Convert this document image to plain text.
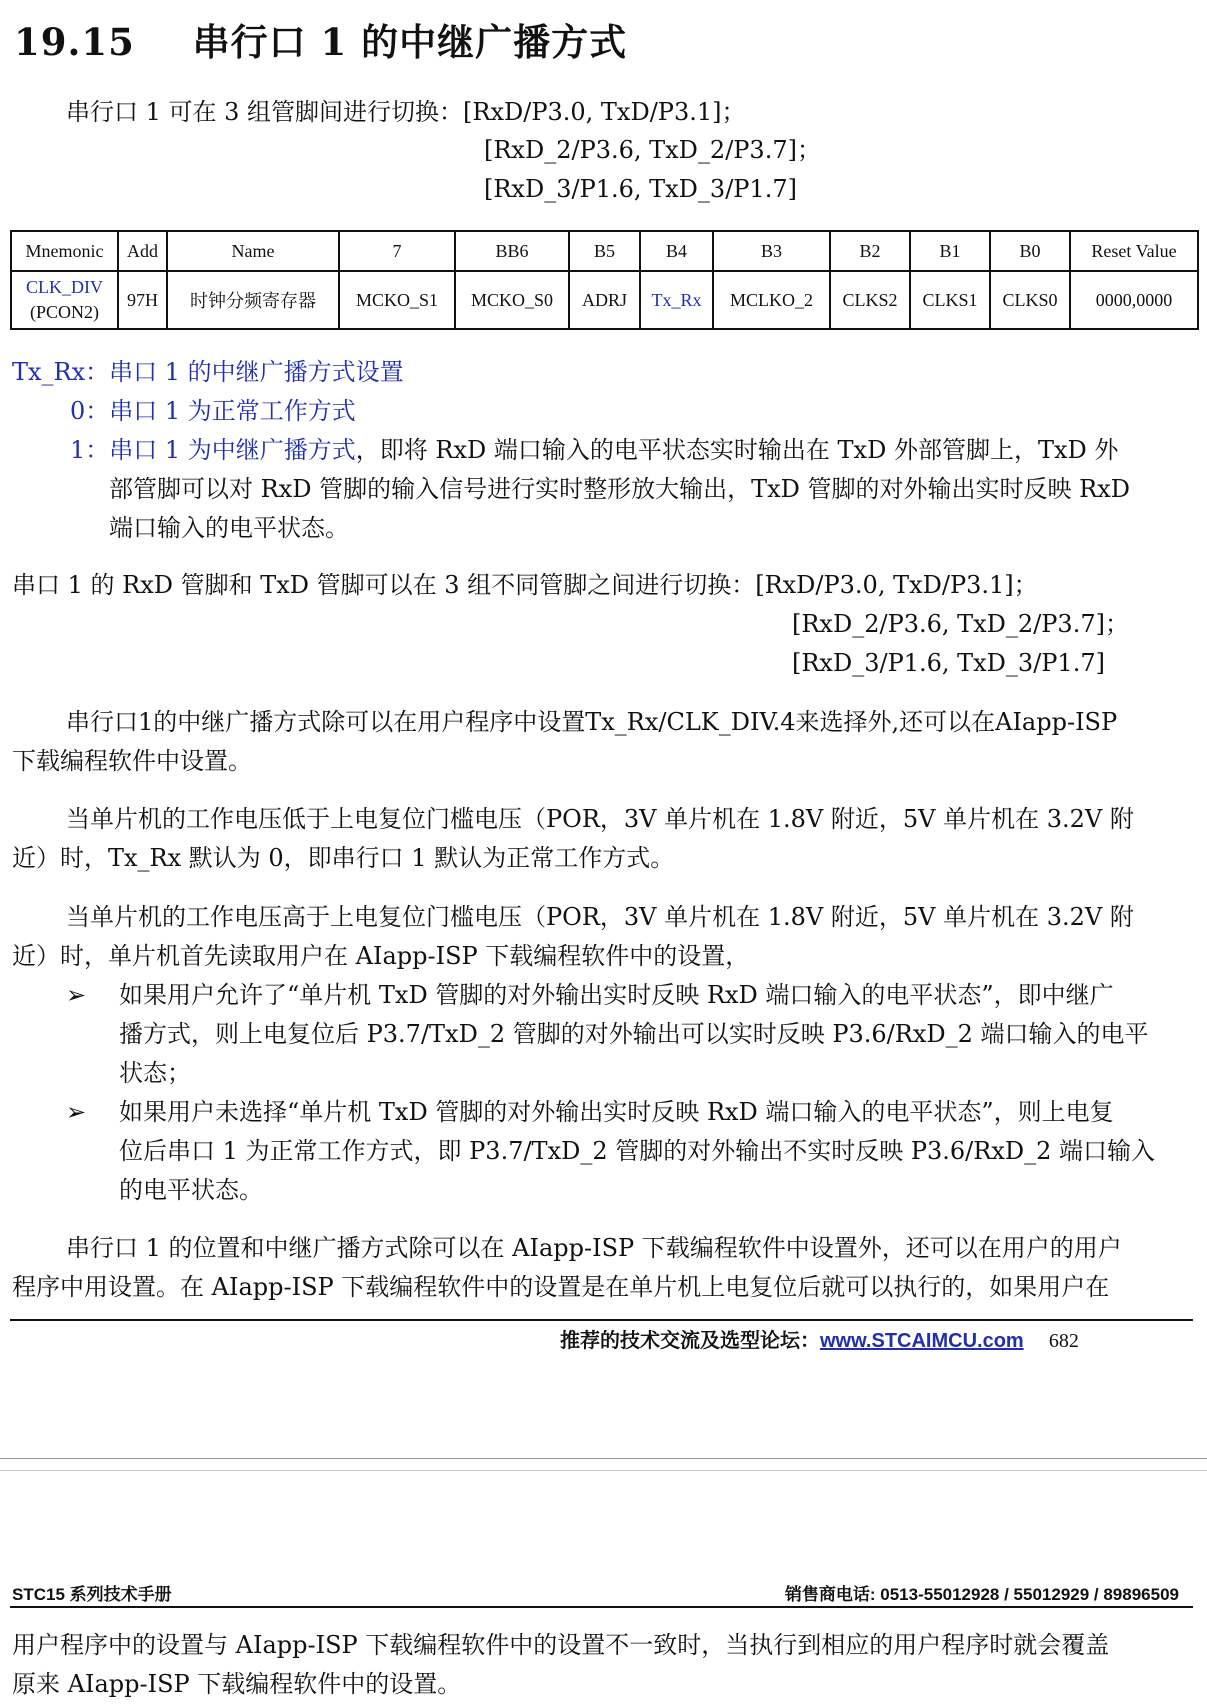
19.15 串行口 1 的中继广播方式
串行口 1 可在 3 组管脚间进行切换：[RxD/P3.0, TxD/P3.1]；
[RxD_2/P3.6, TxD_2/P3.7]；
[RxD_3/P1.6, TxD_3/P1.7]
Mnemonic	Add	Name	7	BB6	B5	B4	B3	B2	B1	B0	Reset Value

CLK_DIV
(PCON2)	97H	时钟分频寄存器	MCKO_S1	MCKO_S0	ADRJ	Tx_Rx	MCLKO_2	CLKS2	CLKS1	CLKS0	0000,0000
Tx_Rx：串口 1 的中继广播方式设置
0：串口 1 为正常工作方式
1：串口 1 为中继广播方式，即将 RxD 端口输入的电平状态实时输出在 TxD 外部管脚上，TxD 外
部管脚可以对 RxD 管脚的输入信号进行实时整形放大输出，TxD 管脚的对外输出实时反映 RxD
端口输入的电平状态。
串口 1 的 RxD 管脚和 TxD 管脚可以在 3 组不同管脚之间进行切换：[RxD/P3.0, TxD/P3.1]；
[RxD_2/P3.6, TxD_2/P3.7]；
[RxD_3/P1.6, TxD_3/P1.7]
串行口1的中继广播方式除可以在用户程序中设置Tx_Rx/CLK_DIV.4来选择外,还可以在AIapp-ISP
下载编程软件中设置。
当单片机的工作电压低于上电复位门槛电压（POR，3V 单片机在 1.8V 附近，5V 单片机在 3.2V 附
近）时，Tx_Rx 默认为 0，即串行口 1 默认为正常工作方式。
当单片机的工作电压高于上电复位门槛电压（POR，3V 单片机在 1.8V 附近，5V 单片机在 3.2V 附
近）时，单片机首先读取用户在 AIapp-ISP 下载编程软件中的设置，
➢ 如果用户允许了“单片机 TxD 管脚的对外输出实时反映 RxD 端口输入的电平状态”，即中继广
播方式，则上电复位后 P3.7/TxD_2 管脚的对外输出可以实时反映 P3.6/RxD_2 端口输入的电平
状态；
➢ 如果用户未选择“单片机 TxD 管脚的对外输出实时反映 RxD 端口输入的电平状态”，则上电复
位后串口 1 为正常工作方式，即 P3.7/TxD_2 管脚的对外输出不实时反映 P3.6/RxD_2 端口输入
的电平状态。
串行口 1 的位置和中继广播方式除可以在 AIapp-ISP 下载编程软件中设置外，还可以在用户的用户
程序中用设置。在 AIapp-ISP 下载编程软件中的设置是在单片机上电复位后就可以执行的，如果用户在
推荐的技术交流及选型论坛：www.STCAIMCU.com 682
STC15 系列技术手册	销售商电话: 0513-55012928 / 55012929 / 89896509
用户程序中的设置与 AIapp-ISP 下载编程软件中的设置不一致时，当执行到相应的用户程序时就会覆盖
原来 AIapp-ISP 下载编程软件中的设置。
